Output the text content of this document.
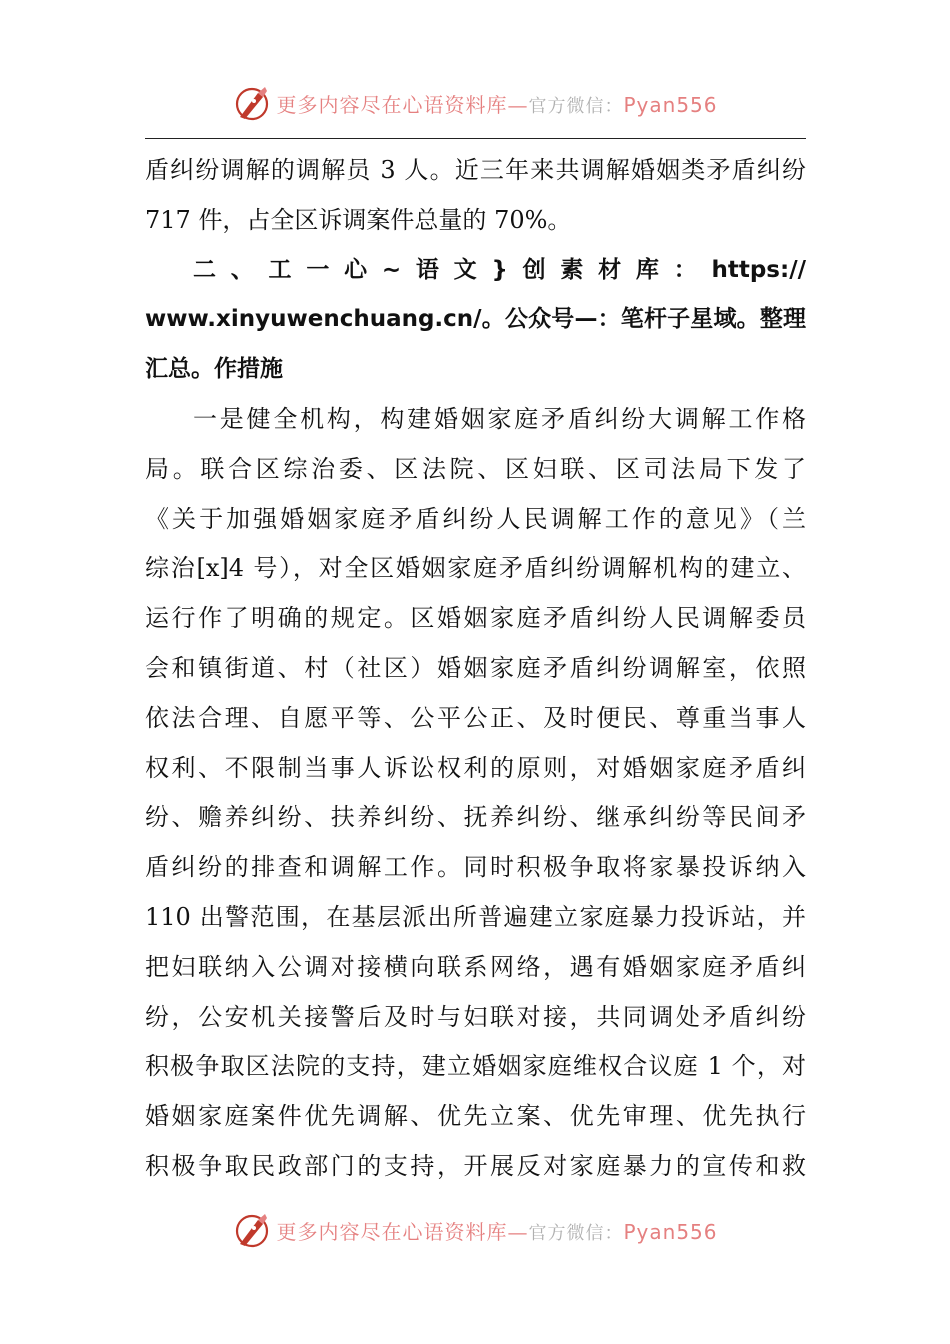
更多内容尽在心语资料库—官方微信：Pyan556
盾纠纷调解的调解员 3 人。近三年来共调解婚姻类矛盾纠纷
717 件，占全区诉调案件总量的 70%。
二、工一心~语文}创素材库：https://
www.xinyuwenchuang.cn/。公众号—：笔杆子星域。整理
汇总。作措施
一是健全机构，构建婚姻家庭矛盾纠纷大调解工作格
局。联合区综治委、区法院、区妇联、区司法局下发了
《关于加强婚姻家庭矛盾纠纷人民调解工作的意见》（兰
综治[x]4 号），对全区婚姻家庭矛盾纠纷调解机构的建立、
运行作了明确的规定。区婚姻家庭矛盾纠纷人民调解委员
会和镇街道、村（社区）婚姻家庭矛盾纠纷调解室，依照
依法合理、自愿平等、公平公正、及时便民、尊重当事人
权利、不限制当事人诉讼权利的原则，对婚姻家庭矛盾纠
纷、赡养纠纷、扶养纠纷、抚养纠纷、继承纠纷等民间矛
盾纠纷的排查和调解工作。同时积极争取将家暴投诉纳入
110 出警范围，在基层派出所普遍建立家庭暴力投诉站，并
把妇联纳入公调对接横向联系网络，遇有婚姻家庭矛盾纠
纷，公安机关接警后及时与妇联对接，共同调处矛盾纠纷
积极争取区法院的支持，建立婚姻家庭维权合议庭 1 个，对
婚姻家庭案件优先调解、优先立案、优先审理、优先执行
积极争取民政部门的支持，开展反对家庭暴力的宣传和救
更多内容尽在心语资料库—官方微信：Pyan556
